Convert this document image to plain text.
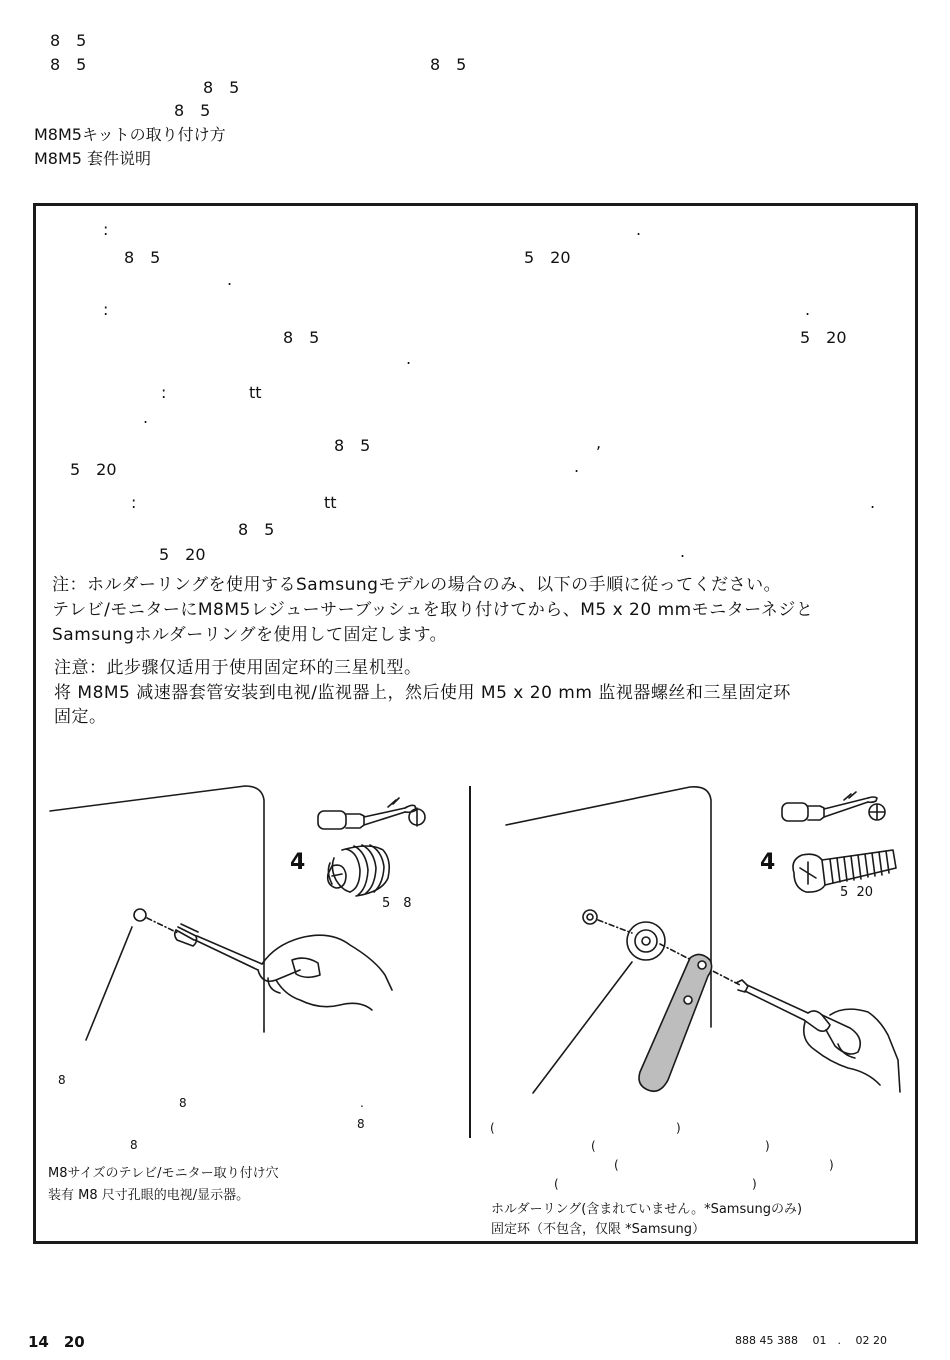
8　5
8　5	8　5
8　5
8　5
M8M5キットの取り付け方
M8M5 套件说明
:	.
8　5	5　20
.
:	.
8　5	5　20
.
:	tt
.
8　5	,
5　20	.
:	tt	.
8　5
5　20	.
注：ホルダーリングを使用するSamsungモデルの場合のみ、以下の手順に従ってください。
テレビ/モニターにM8M5レジューサーブッシュを取り付けてから、M5 x 20 mmモニターネジと
Samsungホルダーリングを使用して固定します。
注意：此步骤仅适用于使用固定环的三星机型。
将 M8M5 减速器套管安装到电视/监视器上，然后使用 M5 x 20 mm 监视器螺丝和三星固定环
固定。
4
5　8
8
8	.
8
8
M8サイズのテレビ/モニター取り付け穴
装有 M8 尺寸孔眼的电视/显示器。
4
5  20
(	)
(	)
(	)
(	)
ホルダーリング(含まれていません。*Samsungのみ)
固定环（不包含，仅限 *Samsung）
14　20	888 45 388　 01　.　 02 20
